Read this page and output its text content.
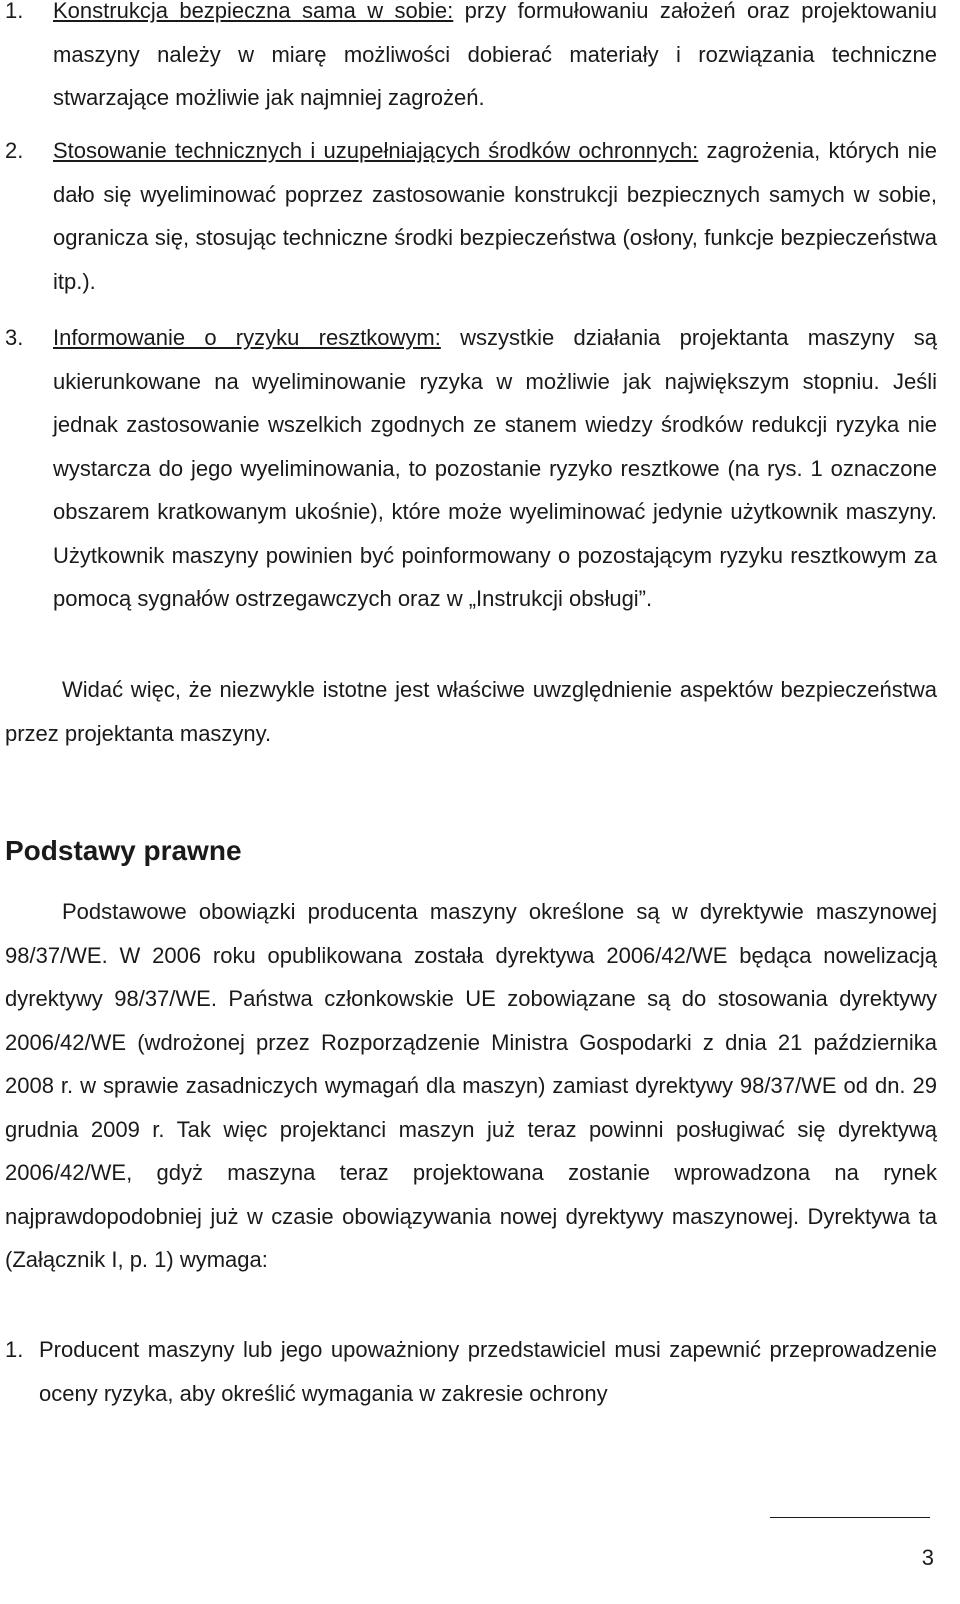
1. Konstrukcja bezpieczna sama w sobie: przy formułowaniu założeń oraz projektowaniu maszyny należy w miarę możliwości dobierać materiały i rozwiązania techniczne stwarzające możliwie jak najmniej zagrożeń.
2. Stosowanie technicznych i uzupełniających środków ochronnych: zagrożenia, których nie dało się wyeliminować poprzez zastosowanie konstrukcji bezpiecznych samych w sobie, ogranicza się, stosując techniczne środki bezpieczeństwa (osłony, funkcje bezpieczeństwa itp.).
3. Informowanie o ryzyku resztkowym: wszystkie działania projektanta maszyny są ukierunkowane na wyeliminowanie ryzyka w możliwie jak największym stopniu. Jeśli jednak zastosowanie wszelkich zgodnych ze stanem wiedzy środków redukcji ryzyka nie wystarcza do jego wyeliminowania, to pozostanie ryzyko resztkowe (na rys. 1 oznaczone obszarem kratkowanym ukośnie), które może wyeliminować jedynie użytkownik maszyny. Użytkownik maszyny powinien być poinformowany o pozostającym ryzyku resztkowym za pomocą sygnałów ostrzegawczych oraz w „Instrukcji obsługi”.

Widać więc, że niezwykle istotne jest właściwe uwzględnienie aspektów bezpieczeństwa przez projektanta maszyny.

Podstawy prawne

Podstawowe obowiązki producenta maszyny określone są w dyrektywie maszynowej 98/37/WE. W 2006 roku opublikowana została dyrektywa 2006/42/WE będąca nowelizacją dyrektywy 98/37/WE. Państwa członkowskie UE zobowiązane są do stosowania dyrektywy 2006/42/WE (wdrożonej przez Rozporządzenie Ministra Gospodarki z dnia 21 października 2008 r. w sprawie zasadniczych wymagań dla maszyn) zamiast dyrektywy 98/37/WE od dn. 29 grudnia 2009 r. Tak więc projektanci maszyn już teraz powinni posługiwać się dyrektywą 2006/42/WE, gdyż maszyna teraz projektowana zostanie wprowadzona na rynek najprawdopodobniej już w czasie obowiązywania nowej dyrektywy maszynowej. Dyrektywa ta (Załącznik I, p. 1) wymaga:

1. Producent maszyny lub jego upoważniony przedstawiciel musi zapewnić przeprowadzenie oceny ryzyka, aby określić wymagania w zakresie ochrony
3
